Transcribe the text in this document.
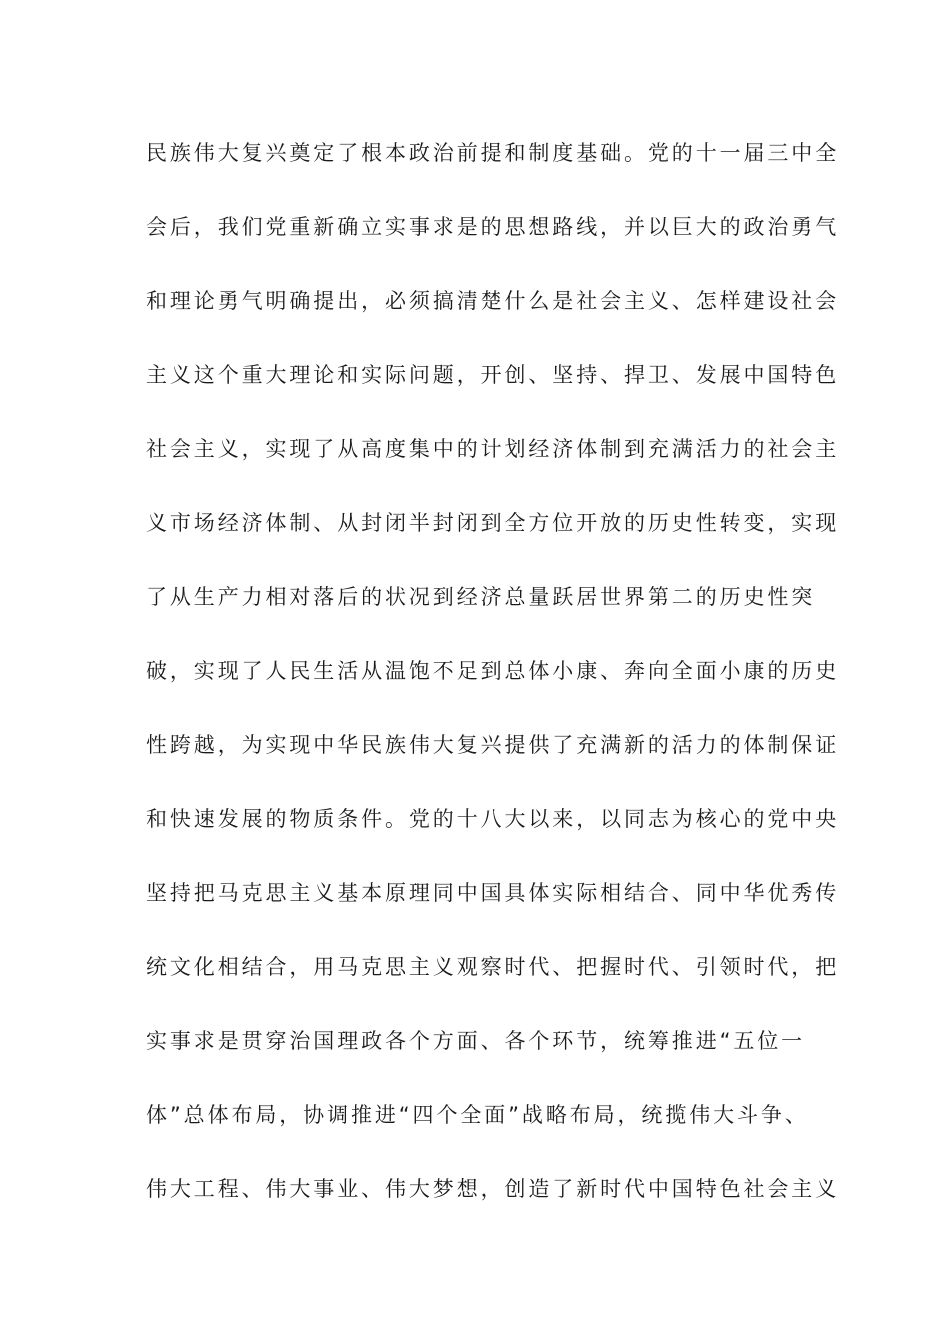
民族伟大复兴奠定了根本政治前提和制度基础。党的十一届三中全
会后，我们党重新确立实事求是的思想路线，并以巨大的政治勇气
和理论勇气明确提出，必须搞清楚什么是社会主义、怎样建设社会
主义这个重大理论和实际问题，开创、坚持、捍卫、发展中国特色
社会主义，实现了从高度集中的计划经济体制到充满活力的社会主
义市场经济体制、从封闭半封闭到全方位开放的历史性转变，实现
了从生产力相对落后的状况到经济总量跃居世界第二的历史性突
破，实现了人民生活从温饱不足到总体小康、奔向全面小康的历史
性跨越，为实现中华民族伟大复兴提供了充满新的活力的体制保证
和快速发展的物质条件。党的十八大以来，以同志为核心的党中央
坚持把马克思主义基本原理同中国具体实际相结合、同中华优秀传
统文化相结合，用马克思主义观察时代、把握时代、引领时代，把
实事求是贯穿治国理政各个方面、各个环节，统筹推进“五位一
体”总体布局，协调推进“四个全面”战略布局，统揽伟大斗争、
伟大工程、伟大事业、伟大梦想，创造了新时代中国特色社会主义
